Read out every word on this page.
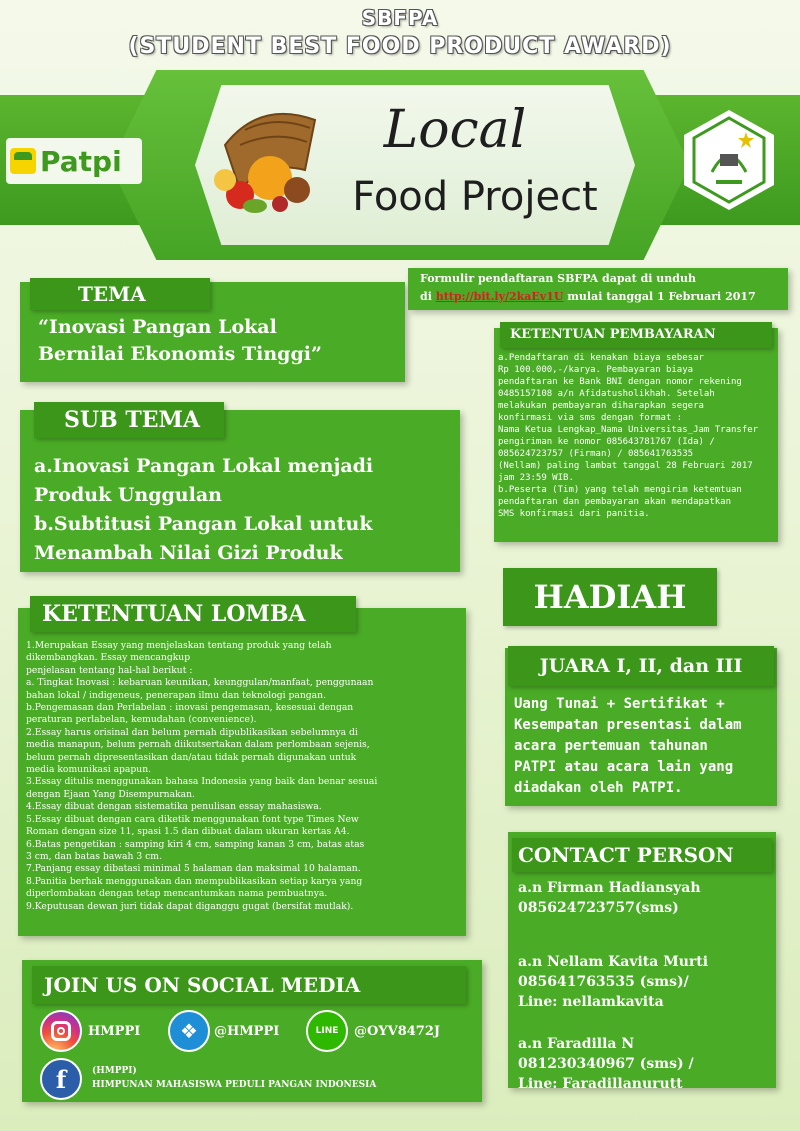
SBFPA
(STUDENT BEST FOOD PRODUCT AWARD)
Patpi
Local
Food Project
TEMA
“Inovasi Pangan Lokal
Bernilai Ekonomis Tinggi”
Formulir pendaftaran SBFPA dapat di unduh
di http://bit.ly/2kaEv1U mulai tanggal 1 Februari 2017
KETENTUAN PEMBAYARAN
a.Pendaftaran di kenakan biaya sebesar
Rp 100.000,-/karya. Pembayaran biaya
pendaftaran ke Bank BNI dengan nomor rekening
0485157108 a/n Afidatusholikhah. Setelah
melakukan pembayaran diharapkan segera
konfirmasi via sms dengan format :
Nama Ketua Lengkap_Nama Universitas_Jam Transfer
pengiriman ke nomor 085643781767 (Ida) /
085624723757 (Firman) / 085641763535
(Nellam) paling lambat tanggal 28 Februari 2017
jam 23:59 WIB.
b.Peserta (Tim) yang telah mengirim ketemtuan
pendaftaran dan pembayaran akan mendapatkan
SMS konfirmasi dari panitia.
SUB TEMA
a.Inovasi Pangan Lokal menjadi
Produk Unggulan
b.Subtitusi Pangan Lokal untuk
Menambah Nilai Gizi Produk
HADIAH
JUARA I, II, dan III
Uang Tunai + Sertifikat +
Kesempatan presentasi dalam
acara pertemuan tahunan
PATPI atau acara lain yang
diadakan oleh PATPI.
KETENTUAN LOMBA
1.Merupakan Essay yang menjelaskan tentang produk yang telah
dikembangkan. Essay mencangkup
penjelasan tentang hal-hal berikut :
a. Tingkat Inovasi : kebaruan keunikan, keunggulan/manfaat, penggunaan
bahan lokal / indigeneus, penerapan ilmu dan teknologi pangan.
b.Pengemasan dan Perlabelan : inovasi pengemasan, kesesuai dengan
peraturan perlabelan, kemudahan (convenience).
2.Essay harus orisinal dan belum pernah dipublikasikan sebelumnya di
media manapun, belum pernah diikutsertakan dalam perlombaan sejenis,
belum pernah dipresentasikan dan/atau tidak pernah digunakan untuk
media komunikasi apapun.
3.Essay ditulis menggunakan bahasa Indonesia yang baik dan benar sesuai
dengan Ejaan Yang Disempurnakan.
4.Essay dibuat dengan sistematika penulisan essay mahasiswa.
5.Essay dibuat dengan cara diketik menggunakan font type Times New
Roman dengan size 11, spasi 1.5 dan dibuat dalam ukuran kertas A4.
6.Batas pengetikan : samping kiri 4 cm, samping kanan 3 cm, batas atas
3 cm, dan batas bawah 3 cm.
7.Panjang essay dibatasi minimal 5 halaman dan maksimal 10 halaman.
8.Panitia berhak menggunakan dan mempublikasikan setiap karya yang
diperlombakan dengan tetap mencantumkan nama pembuatnya.
9.Keputusan dewan juri tidak dapat diganggu gugat (bersifat mutlak).
CONTACT PERSON
a.n Firman Hadiansyah
085624723757(sms)
a.n Nellam Kavita Murti
085641763535 (sms)/
Line: nellamkavita
a.n Faradilla N
081230340967 (sms) /
Line: Faradillanurutt
JOIN US ON SOCIAL MEDIA
HMPPI	❖	@HMPPI	LINE	@OYV8472J
f	(HMPPI)
HIMPUNAN MAHASISWA PEDULI PANGAN INDONESIA
